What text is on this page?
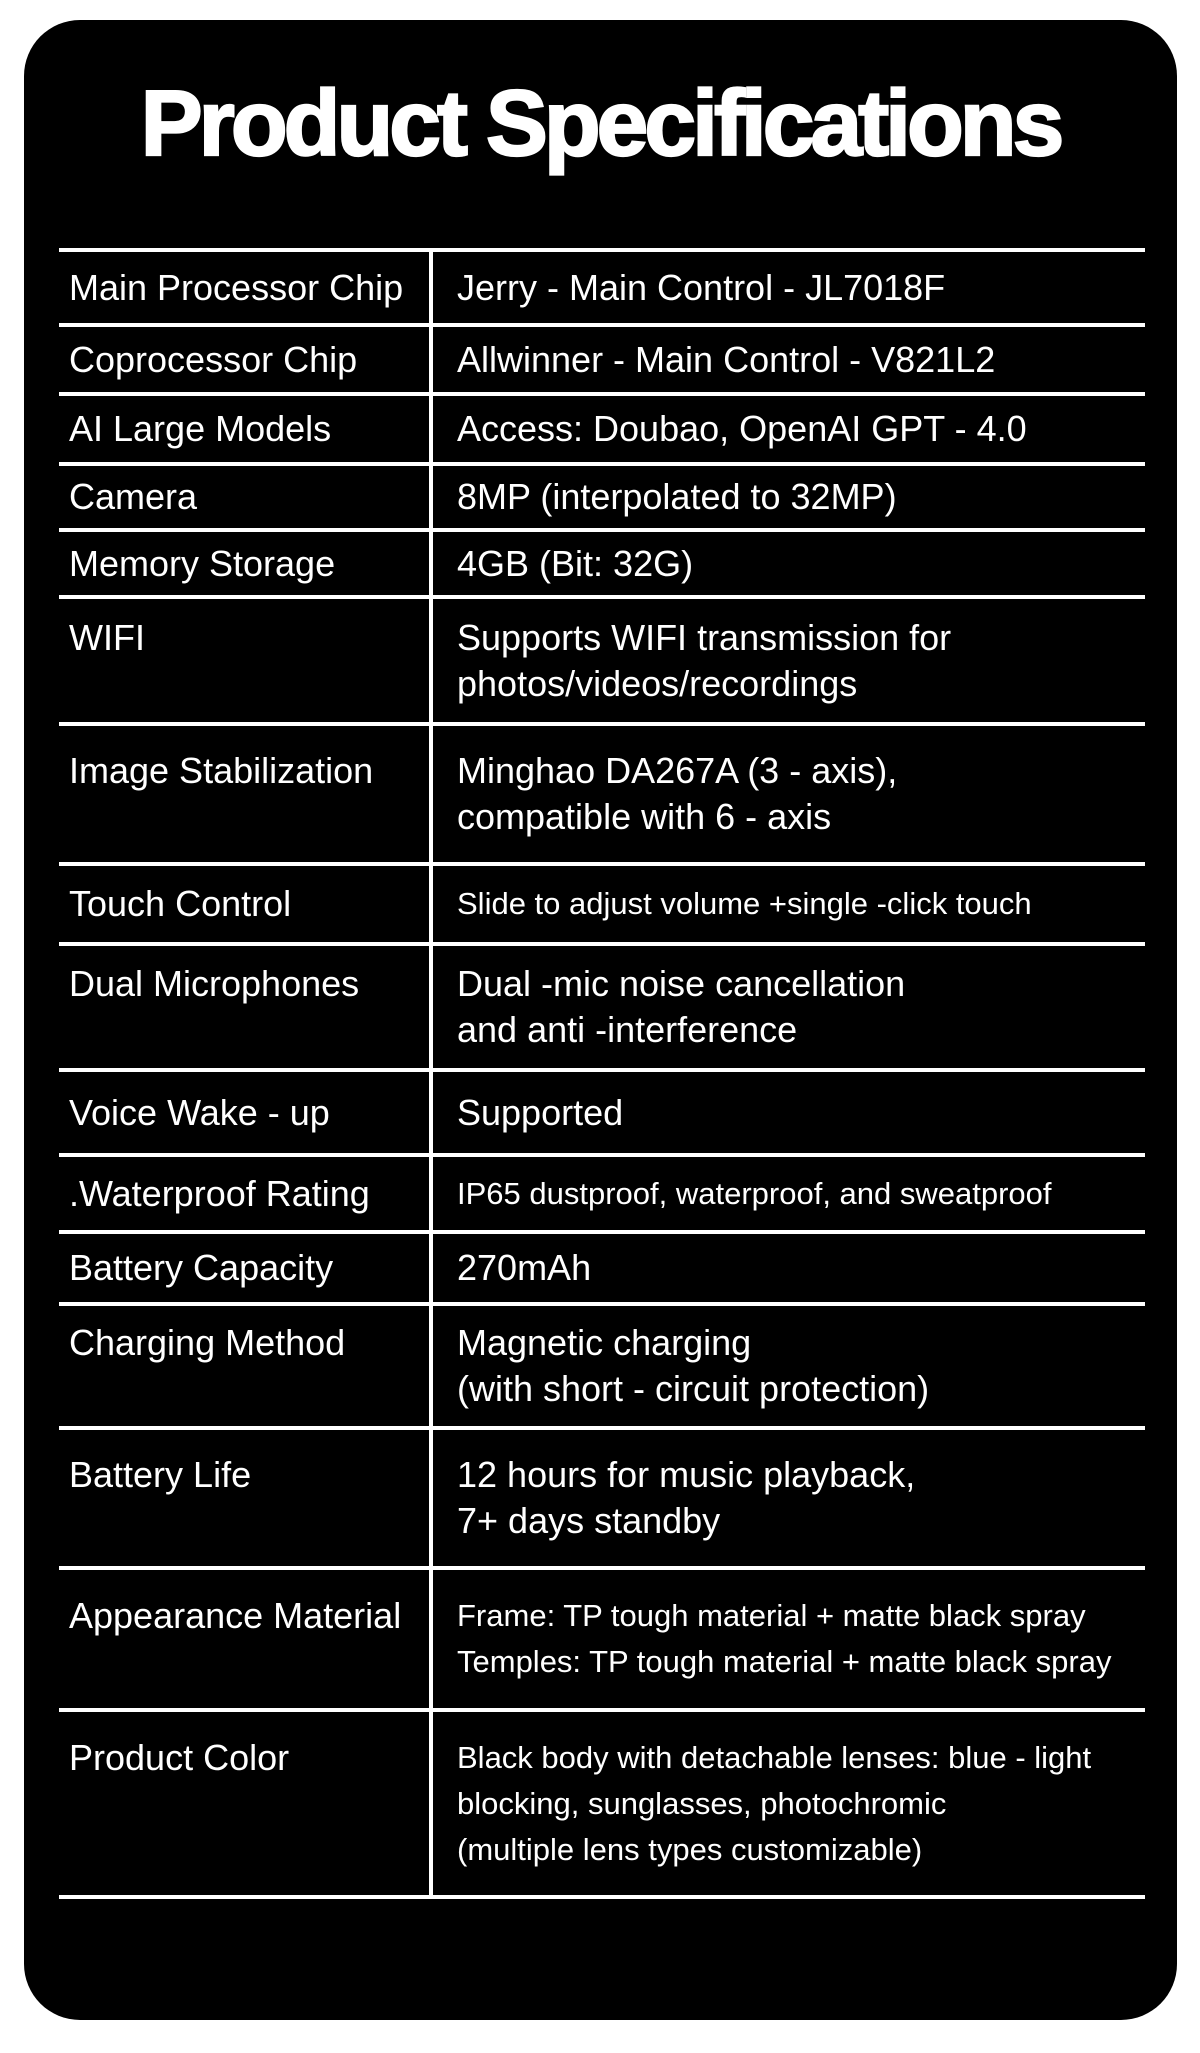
Product Specifications
Main Processor Chip	Jerry - Main Control - JL7018F
Coprocessor Chip	Allwinner - Main Control - V821L2
AI Large Models	Access: Doubao, OpenAI GPT - 4.0
Camera	8MP (interpolated to 32MP)
Memory Storage	4GB (Bit: 32G)
WIFI	Supports WIFI transmission for
photos/videos/recordings
Image Stabilization	Minghao DA267A (3 - axis),
compatible with 6 - axis
Touch Control	Slide to adjust volume +single -click touch
Dual Microphones	Dual -mic noise cancellation
and anti -interference
Voice Wake - up	Supported
.Waterproof Rating	IP65 dustproof, waterproof, and sweatproof
Battery Capacity	270mAh
Charging Method	Magnetic charging
(with short - circuit protection)
Battery Life	12 hours for music playback,
7+ days standby
Appearance Material	Frame: TP tough material + matte black spray
Temples: TP tough material + matte black spray
Product Color	Black body with detachable lenses: blue - light
blocking, sunglasses, photochromic
(multiple lens types customizable)
